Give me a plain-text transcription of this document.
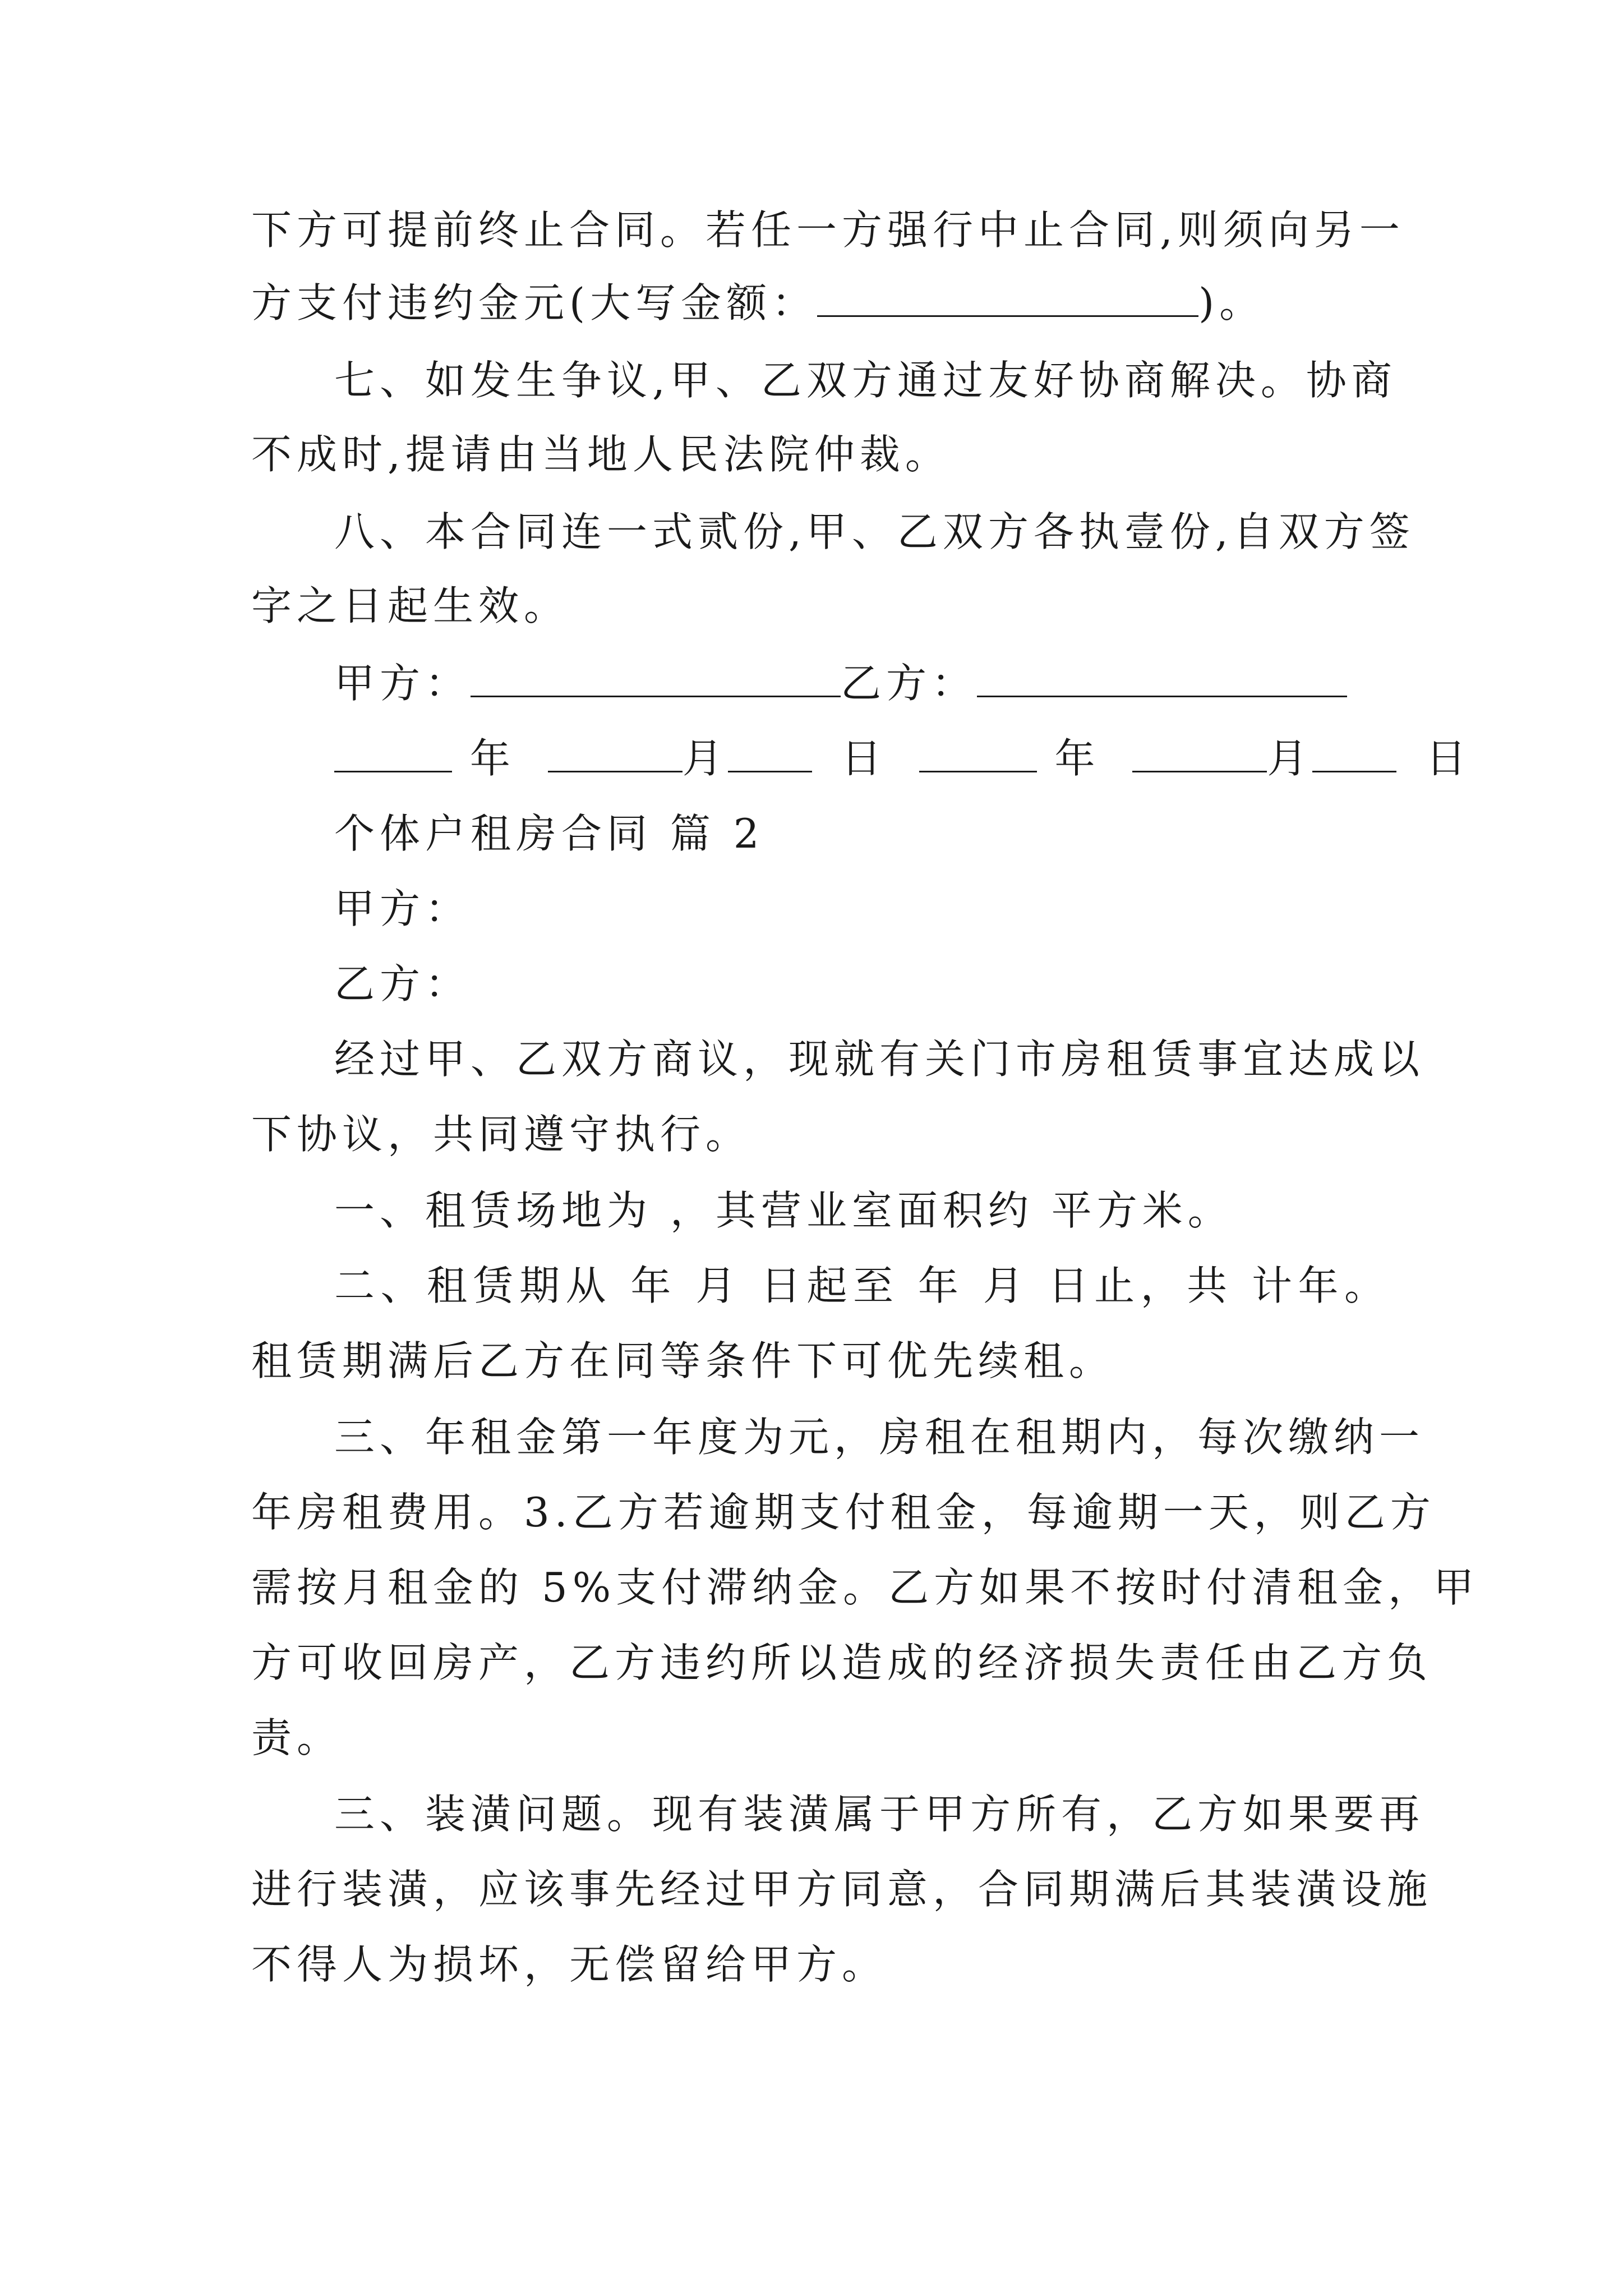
下方可提前终止合同。若任一方强行中止合同,则须向另一
方支付违约金元(大写金额：	)。
七、如发生争议,甲、乙双方通过友好协商解决。协商
不成时,提请由当地人民法院仲裁。
八、本合同连一式贰份,甲、乙双方各执壹份,自双方签
字之日起生效。
甲方：	乙方：
年	月	日	年	月	日
个体户租房合同 篇 2
甲方：
乙方：
经过甲、乙双方商议，现就有关门市房租赁事宜达成以
下协议，共同遵守执行。
一、租赁场地为 ，其营业室面积约 平方米。
二、租赁期从 年 月 日起至 年 月 日止，共 计年。
租赁期满后乙方在同等条件下可优先续租。
三、年租金第一年度为元，房租在租期内，每次缴纳一
年房租费用。3.乙方若逾期支付租金，每逾期一天，则乙方
需按月租金的 5%支付滞纳金。乙方如果不按时付清租金，甲
方可收回房产，乙方违约所以造成的经济损失责任由乙方负
责。
三、装潢问题。现有装潢属于甲方所有，乙方如果要再
进行装潢，应该事先经过甲方同意，合同期满后其装潢设施
不得人为损坏，无偿留给甲方。
